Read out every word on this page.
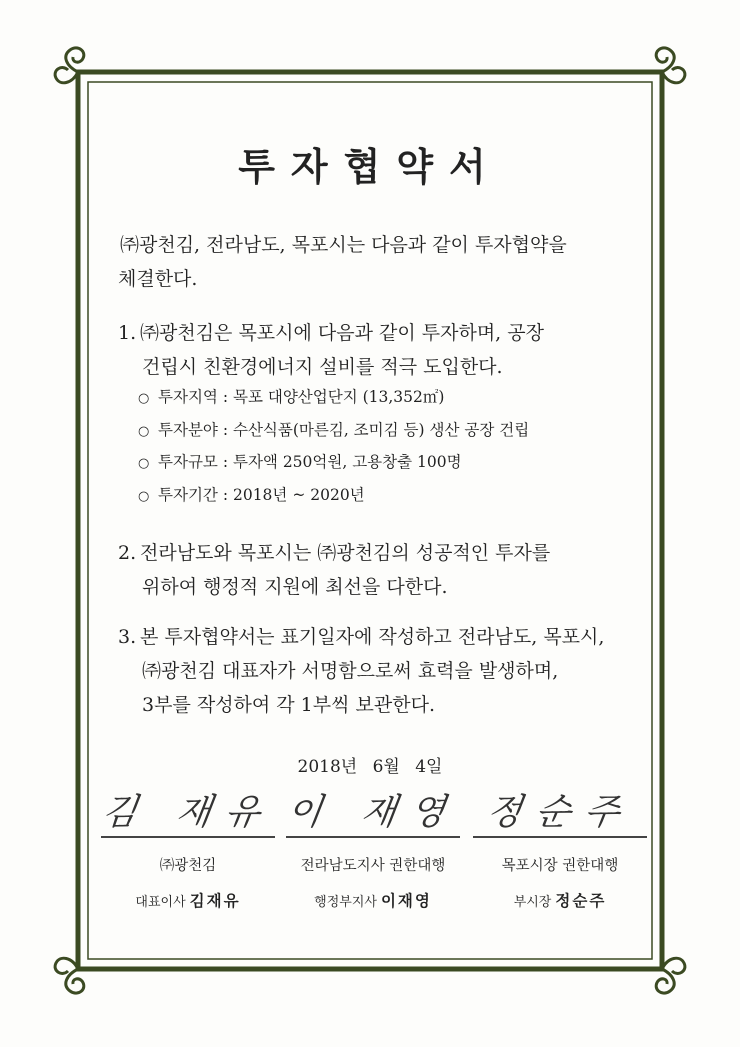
투자협약서
㈜광천김, 전라남도, 목포시는 다음과 같이 투자협약을
체결한다.
1. ㈜광천김은 목포시에 다음과 같이 투자하며, 공장
건립시 친환경에너지 설비를 적극 도입한다.
○ 투자지역 : 목포 대양산업단지 (13,352㎡)
○ 투자분야 : 수산식품(마른김, 조미김 등) 생산 공장 건립
○ 투자규모 : 투자액 250억원, 고용창출 100명
○ 투자기간 : 2018년 ~ 2020년
2. 전라남도와 목포시는 ㈜광천김의 성공적인 투자를
위하여 행정적 지원에 최선을 다한다.
3. 본 투자협약서는 표기일자에 작성하고 전라남도, 목포시,
㈜광천김 대표자가 서명함으로써 효력을 발생하며,
3부를 작성하여 각 1부씩 보관한다.
2018년 6월 4일
김 재유
㈜광천김
대표이사 김재유
이 재영
전라남도지사 권한대행
행정부지사 이재영
정순주
목포시장 권한대행
부시장 정순주
